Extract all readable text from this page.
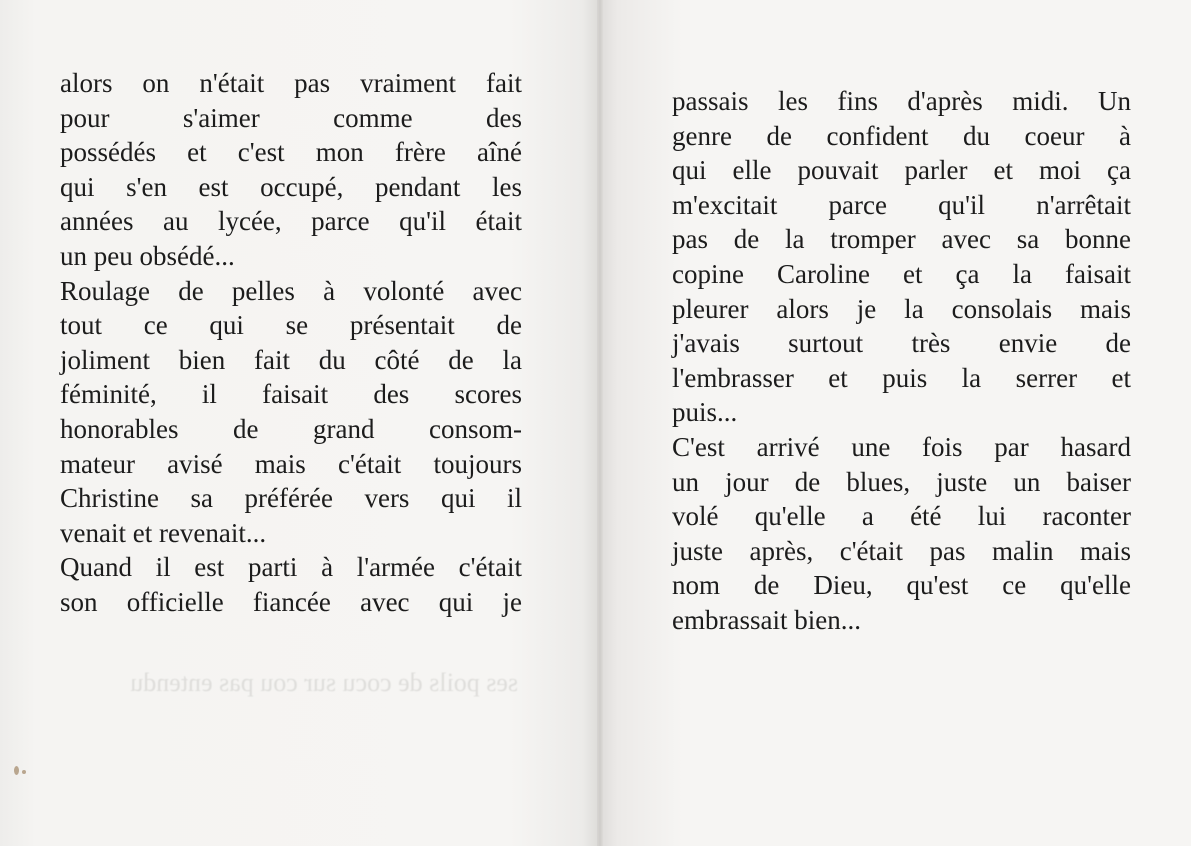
ses poils de cocu sur cou pas entendu
alors on n'était pas vraiment fait
pour s'aimer comme des
possédés et c'est mon frère aîné
qui s'en est occupé, pendant les
années au lycée, parce qu'il était
un peu obsédé...
Roulage de pelles à volonté avec
tout ce qui se présentait de
joliment bien fait du côté de la
féminité, il faisait des scores
honorables de grand consom-
mateur avisé mais c'était toujours
Christine sa préférée vers qui il
venait et revenait...
Quand il est parti à l'armée c'était
son officielle fiancée avec qui je
passais les fins d'après midi. Un
genre de confident du coeur à
qui elle pouvait parler et moi ça
m'excitait parce qu'il n'arrêtait
pas de la tromper avec sa bonne
copine Caroline et ça la faisait
pleurer alors je la consolais mais
j'avais surtout très envie de
l'embrasser et puis la serrer et
puis...
C'est arrivé une fois par hasard
un jour de blues, juste un baiser
volé qu'elle a été lui raconter
juste après, c'était pas malin mais
nom de Dieu, qu'est ce qu'elle
embrassait bien...
